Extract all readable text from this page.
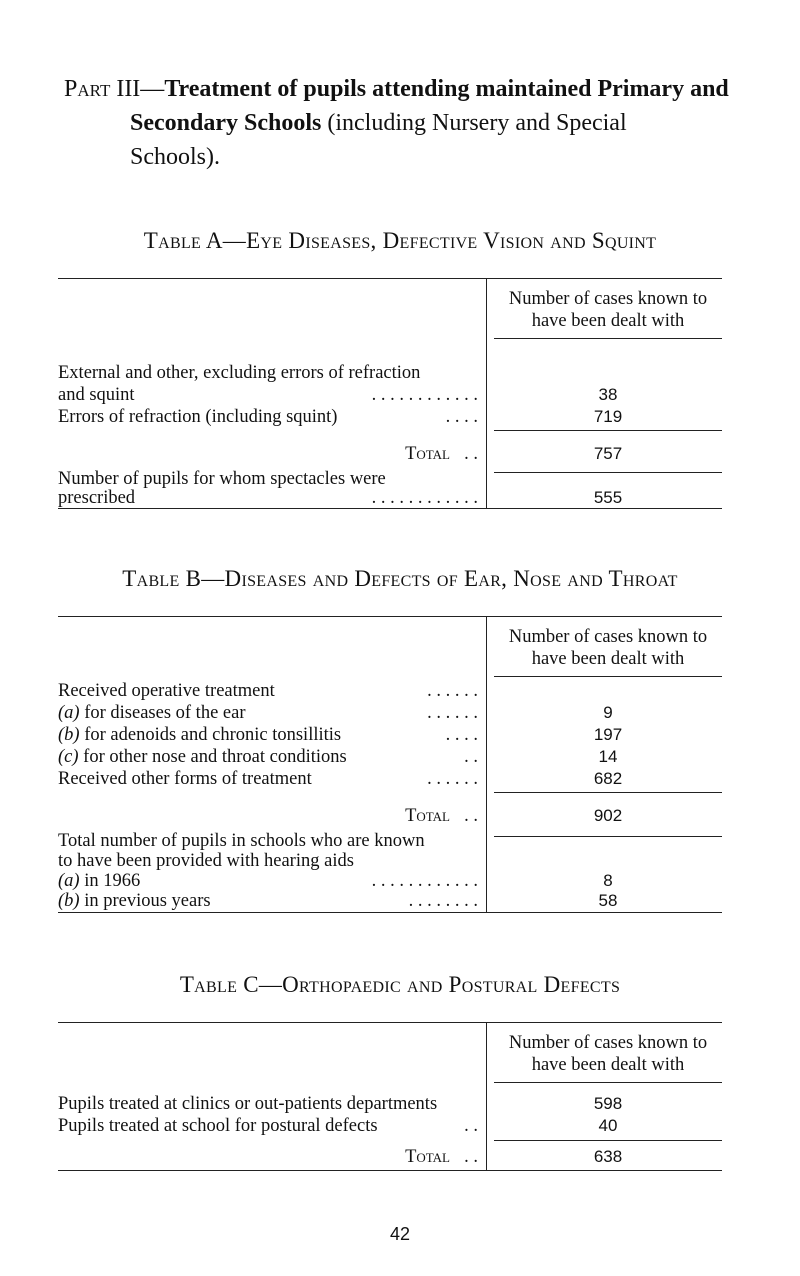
Part III—Treatment of pupils attending maintained Primary and
Secondary Schools (including Nursery and Special
Schools).
Table A—Eye Diseases, Defective Vision and Squint
Number of cases known to have been dealt with
External and other, excluding errors of refraction
and squint	. . . . . . . . . . . .	38
Errors of refraction (including squint)	. . . .	719
Total . .	757
Number of pupils for whom spectacles were
prescribed	. . . . . . . . . . . .	555
Table B—Diseases and Defects of Ear, Nose and Throat
Number of cases known to have been dealt with
Received operative treatment	. . . . . .
(a) for diseases of the ear	. . . . . .	9
(b) for adenoids and chronic tonsillitis	. . . .	197
(c) for other nose and throat conditions	. .	14
Received other forms of treatment	. . . . . .	682
Total . .	902
Total number of pupils in schools who are known
to have been provided with hearing aids
(a) in 1966	. . . . . . . . . . . .	8
(b) in previous years	. . . . . . . .	58
Table C—Orthopaedic and Postural Defects
Number of cases known to have been dealt with
Pupils treated at clinics or out-patients departments	598
Pupils treated at school for postural defects	. .	40
Total . .	638
42
